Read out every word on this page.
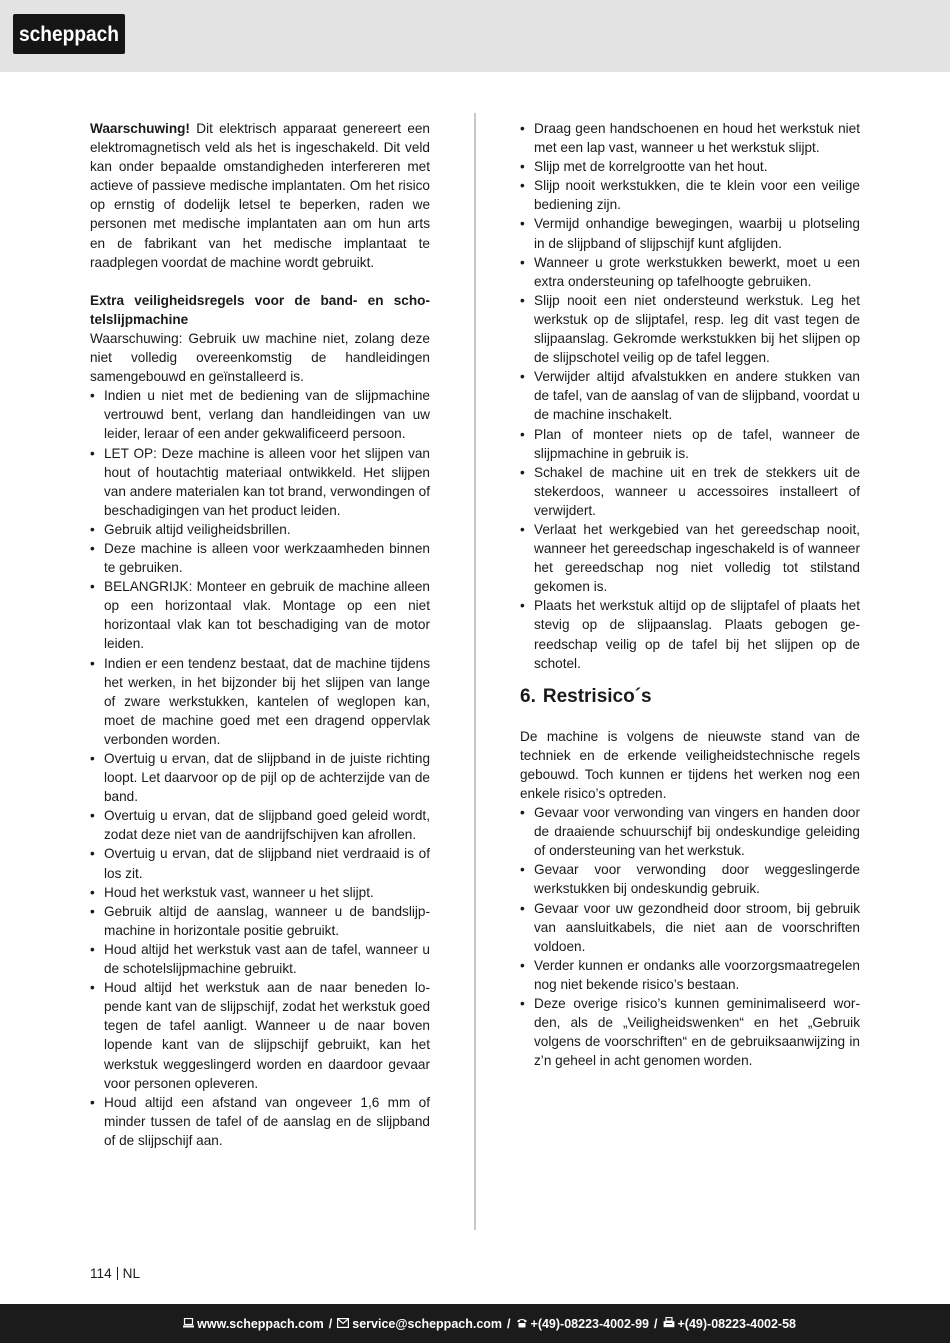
scheppach

Waarschuwing! Dit elektrisch apparaat genereert een elektromagnetisch veld als het is ingeschakeld. Dit veld kan onder bepaalde omstandigheden interfereren met actieve of passieve medische implantaten. Om het risico op ernstig of dodelijk letsel te beperken, raden we personen met medische implantaten aan om hun arts en de fabrikant van het medische implantaat te raadplegen voordat de machine wordt gebruikt.

Extra veiligheidsregels voor de band- en schotelslijpmachine

Waarschuwing: Gebruik uw machine niet, zolang deze niet volledig overeenkomstig de handleidingen samengebouwd en geïnstalleerd is.

• Indien u niet met de bediening van de slijpmachine vertrouwd bent, verlang dan handleidingen van uw leider, leraar of een ander gekwalificeerd persoon.
• LET OP: Deze machine is alleen voor het slijpen van hout of houtachtig materiaal ontwikkeld. Het slijpen van andere materialen kan tot brand, verwondingen of beschadigingen van het product leiden.
• Gebruik altijd veiligheidsbrillen.
• Deze machine is alleen voor werkzaamheden binnen te gebruiken.
• BELANGRIJK: Monteer en gebruik de machine alleen op een horizontaal vlak. Montage op een niet horizontaal vlak kan tot beschadiging van de motor leiden.
• Indien er een tendenz bestaat, dat de machine tijdens het werken, in het bijzonder bij het slijpen van lange of zware werkstukken, kantelen of weglopen kan, moet de machine goed met een dragend oppervlak verbonden worden.
• Overtuig u ervan, dat de slijpband in de juiste richting loopt. Let daarvoor op de pijl op de achterzijde van de band.
• Overtuig u ervan, dat de slijpband goed geleid wordt, zodat deze niet van de aandrijfschijven kan afrollen.
• Overtuig u ervan, dat de slijpband niet verdraaid is of los zit.
• Houd het werkstuk vast, wanneer u het slijpt.
• Gebruik altijd de aanslag, wanneer u de bandslijpmachine in horizontale positie gebruikt.
• Houd altijd het werkstuk vast aan de tafel, wanneer u de schotelslijpmachine gebruikt.
• Houd altijd het werkstuk aan de naar beneden lopende kant van de slijpschijf, zodat het werkstuk goed tegen de tafel aanligt. Wanneer u de naar boven lopende kant van de slijpschijf gebruikt, kan het werkstuk weggeslingerd worden en daardoor gevaar voor personen opleveren.
• Houd altijd een afstand van ongeveer 1,6 mm of minder tussen de tafel of de aanslag en de slijpband of de slijpschijf aan.
• Draag geen handschoenen en houd het werkstuk niet met een lap vast, wanneer u het werkstuk slijpt.
• Slijp met de korrelgrootte van het hout.
• Slijp nooit werkstukken, die te klein voor een veilige bediening zijn.
• Vermijd onhandige bewegingen, waarbij u plotseling in de slijpband of slijpschijf kunt afglijden.
• Wanneer u grote werkstukken bewerkt, moet u een extra ondersteuning op tafelhoogte gebruiken.
• Slijp nooit een niet ondersteund werkstuk. Leg het werkstuk op de slijptafel, resp. leg dit vast tegen de slijpaanslag. Gekromde werkstukken bij het slijpen op de slijpschotel veilig op de tafel leggen.
• Verwijder altijd afvalstukken en andere stukken van de tafel, van de aanslag of van de slijpband, voordat u de machine inschakelt.
• Plan of monteer niets op de tafel, wanneer de slijpmachine in gebruik is.
• Schakel de machine uit en trek de stekkers uit de stekerdoos, wanneer u accessoires installeert of verwijdert.
• Verlaat het werkgebied van het gereedschap nooit, wanneer het gereedschap ingeschakeld is of wanneer het gereedschap nog niet volledig tot stilstand gekomen is.
• Plaats het werkstuk altijd op de slijptafel of plaats het stevig op de slijpaanslag. Plaats gebogen gereedschap veilig op de tafel bij het slijpen op de schotel.
6. Restrisico´s

De machine is volgens de nieuwste stand van de techniek en de erkende veiligheidstechnische regels gebouwd. Toch kunnen er tijdens het werken nog een enkele risico’s optreden.

• Gevaar voor verwonding van vingers en handen door de draaiende schuurschijf bij ondeskundige geleiding of ondersteuning van het werkstuk.
• Gevaar voor verwonding door weggeslingerde werkstukken bij ondeskundig gebruik.
• Gevaar voor uw gezondheid door stroom, bij gebruik van aansluitkabels, die niet aan de voorschriften voldoen.
• Verder kunnen er ondanks alle voorzorgsmaatregelen nog niet bekende risico’s bestaan.
• Deze overige risico’s kunnen geminimaliseerd worden, als de „Veiligheidswenken“ en het „Gebruik volgens de voorschriften“ en de gebruiksaanwijzing in z’n geheel in acht genomen worden.
114 NL
www.scheppach.com / service@scheppach.com / +(49)-08223-4002-99 / +(49)-08223-4002-58
